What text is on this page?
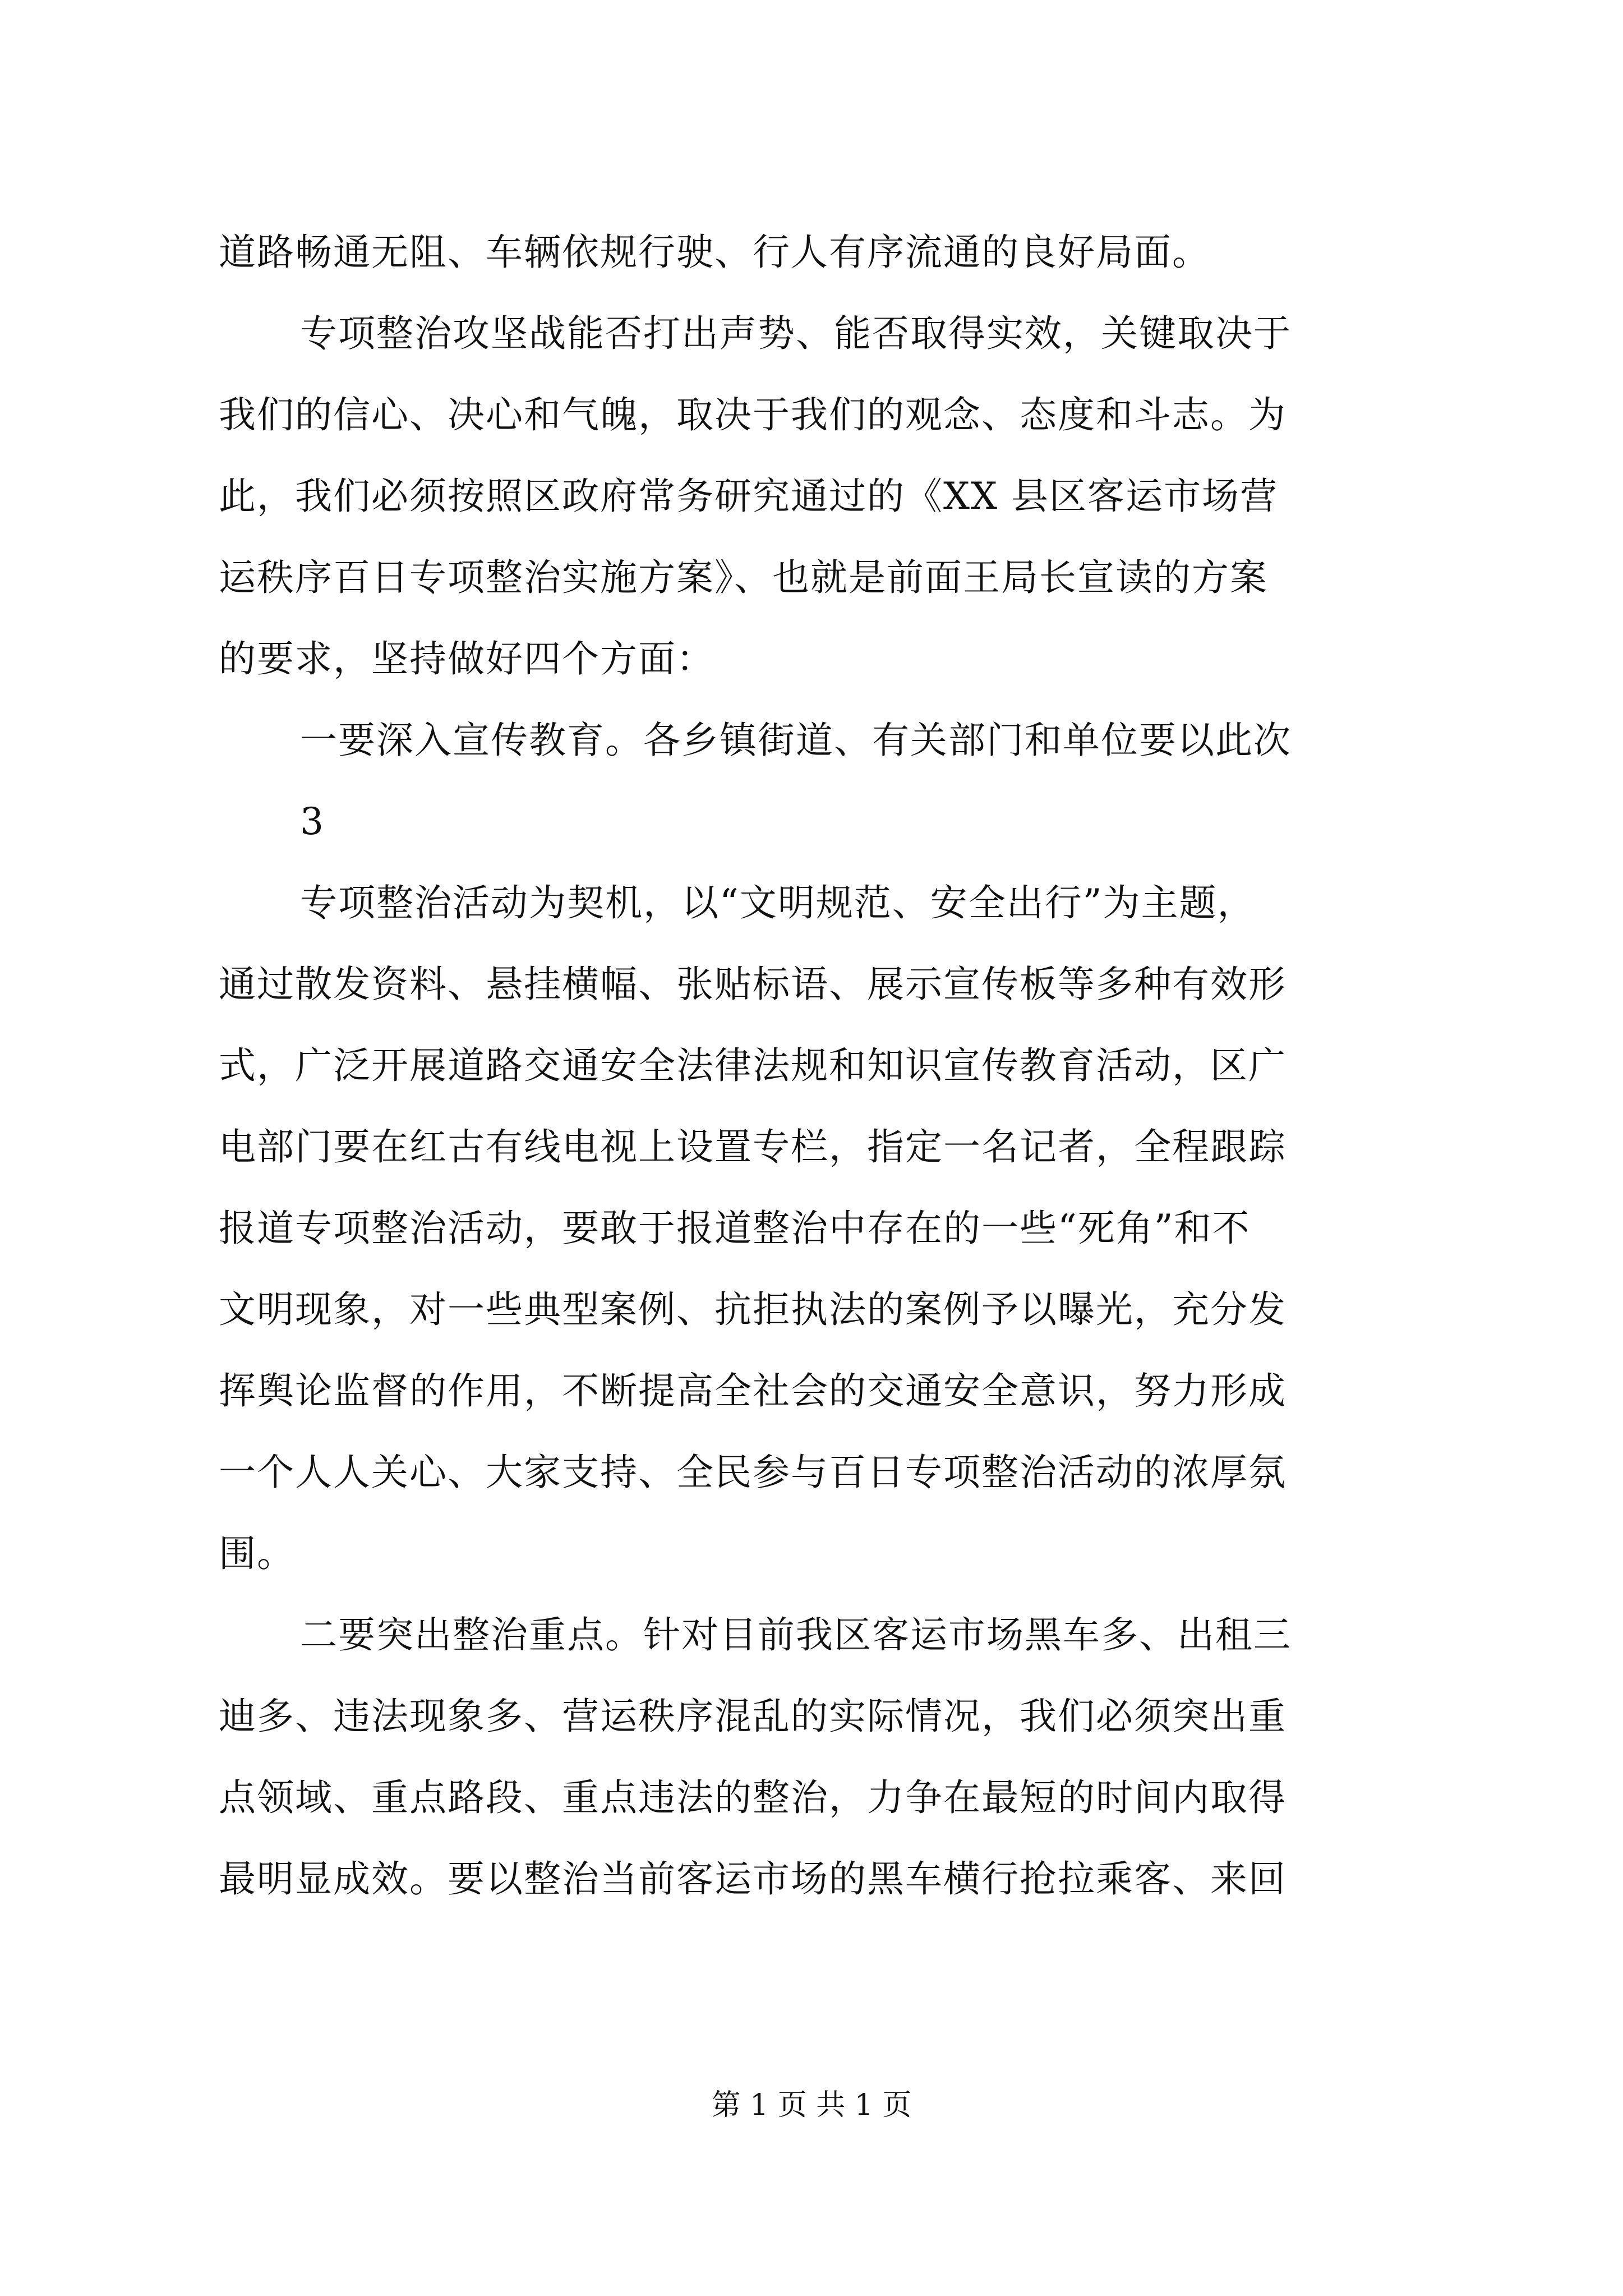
道路畅通无阻、车辆依规行驶、行人有序流通的良好局面。
专项整治攻坚战能否打出声势、能否取得实效，关键取决于
我们的信心、决心和气魄，取决于我们的观念、态度和斗志。为
此，我们必须按照区政府常务研究通过的《XX 县区客运市场营
运秩序百日专项整治实施方案》、也就是前面王局长宣读的方案
的要求，坚持做好四个方面：
一要深入宣传教育。各乡镇街道、有关部门和单位要以此次
3
专项整治活动为契机，以“文明规范、安全出行”为主题，
通过散发资料、悬挂横幅、张贴标语、展示宣传板等多种有效形
式，广泛开展道路交通安全法律法规和知识宣传教育活动，区广
电部门要在红古有线电视上设置专栏，指定一名记者，全程跟踪
报道专项整治活动，要敢于报道整治中存在的一些“死角”和不
文明现象，对一些典型案例、抗拒执法的案例予以曝光，充分发
挥舆论监督的作用，不断提高全社会的交通安全意识，努力形成
一个人人关心、大家支持、全民参与百日专项整治活动的浓厚氛
围。
二要突出整治重点。针对目前我区客运市场黑车多、出租三
迪多、违法现象多、营运秩序混乱的实际情况，我们必须突出重
点领域、重点路段、重点违法的整治，力争在最短的时间内取得
最明显成效。要以整治当前客运市场的黑车横行抢拉乘客、来回
第 1 页 共 1 页
